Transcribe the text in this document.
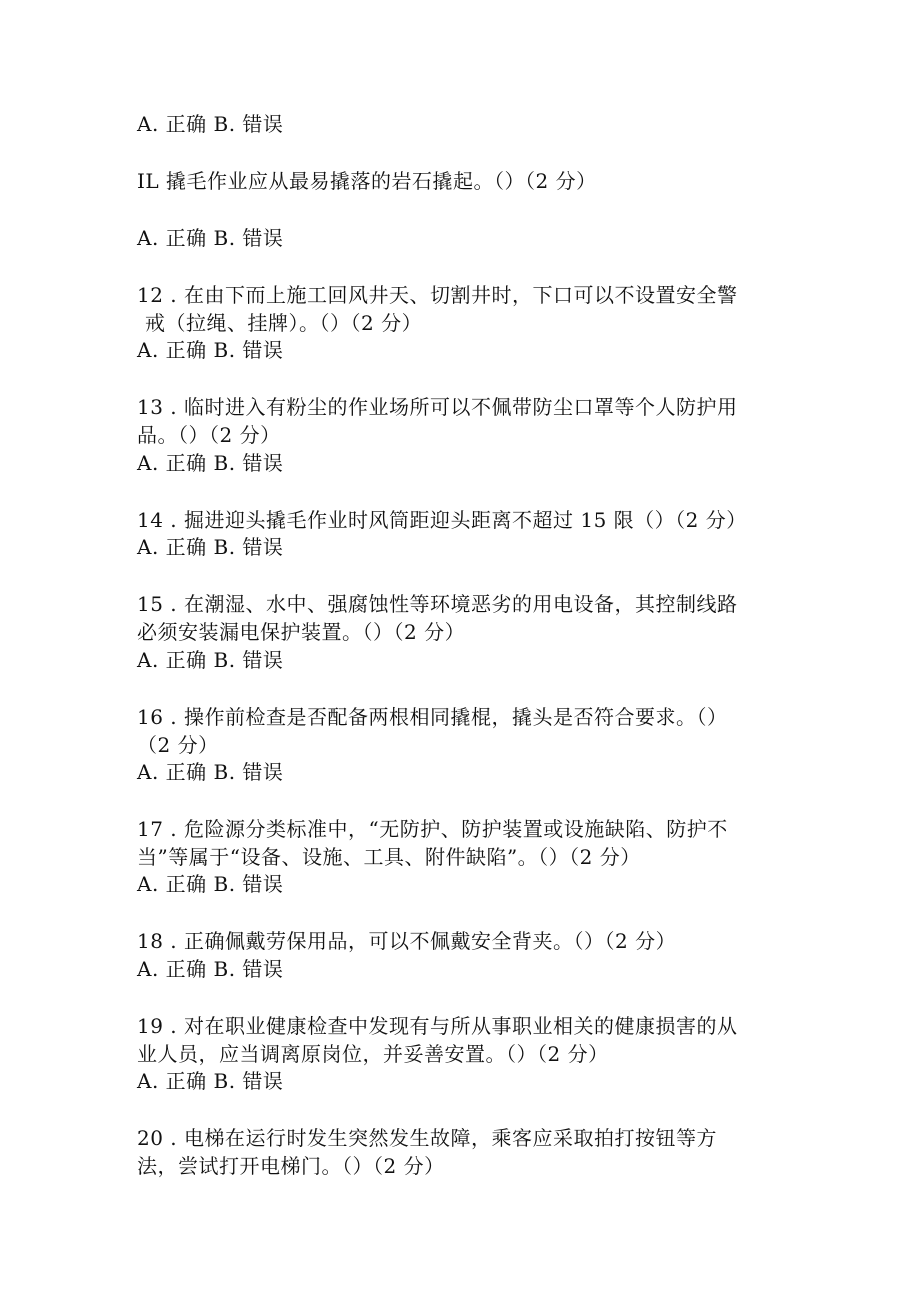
A. 正确 B. 错误
IL 撬毛作业应从最易撬落的岩石撬起。（）（2 分）
A. 正确 B. 错误
12 . 在由下而上施工回风井天、切割井时，下口可以不设置安全警
戒（拉绳、挂牌）。（）（2 分）
A. 正确 B. 错误
13 . 临时进入有粉尘的作业场所可以不佩带防尘口罩等个人防护用
品。（）（2 分）
A. 正确 B. 错误
14 . 掘进迎头撬毛作业时风筒距迎头距离不超过 15 限（）（2 分）
A. 正确 B. 错误
15 . 在潮湿、水中、强腐蚀性等环境恶劣的用电设备，其控制线路
必须安装漏电保护装置。（）（2 分）
A. 正确 B. 错误
16 . 操作前检查是否配备两根相同撬棍，撬头是否符合要求。（）
（2 分）
A. 正确 B. 错误
17 . 危险源分类标准中，“无防护、防护装置或设施缺陷、防护不
当”等属于“设备、设施、工具、附件缺陷”。（）（2 分）
A. 正确 B. 错误
18 . 正确佩戴劳保用品，可以不佩戴安全背夹。（）（2 分）
A. 正确 B. 错误
19 . 对在职业健康检查中发现有与所从事职业相关的健康损害的从
业人员，应当调离原岗位，并妥善安置。（）（2 分）
A. 正确 B. 错误
20 . 电梯在运行时发生突然发生故障，乘客应采取拍打按钮等方
法，尝试打开电梯门。（）（2 分）
